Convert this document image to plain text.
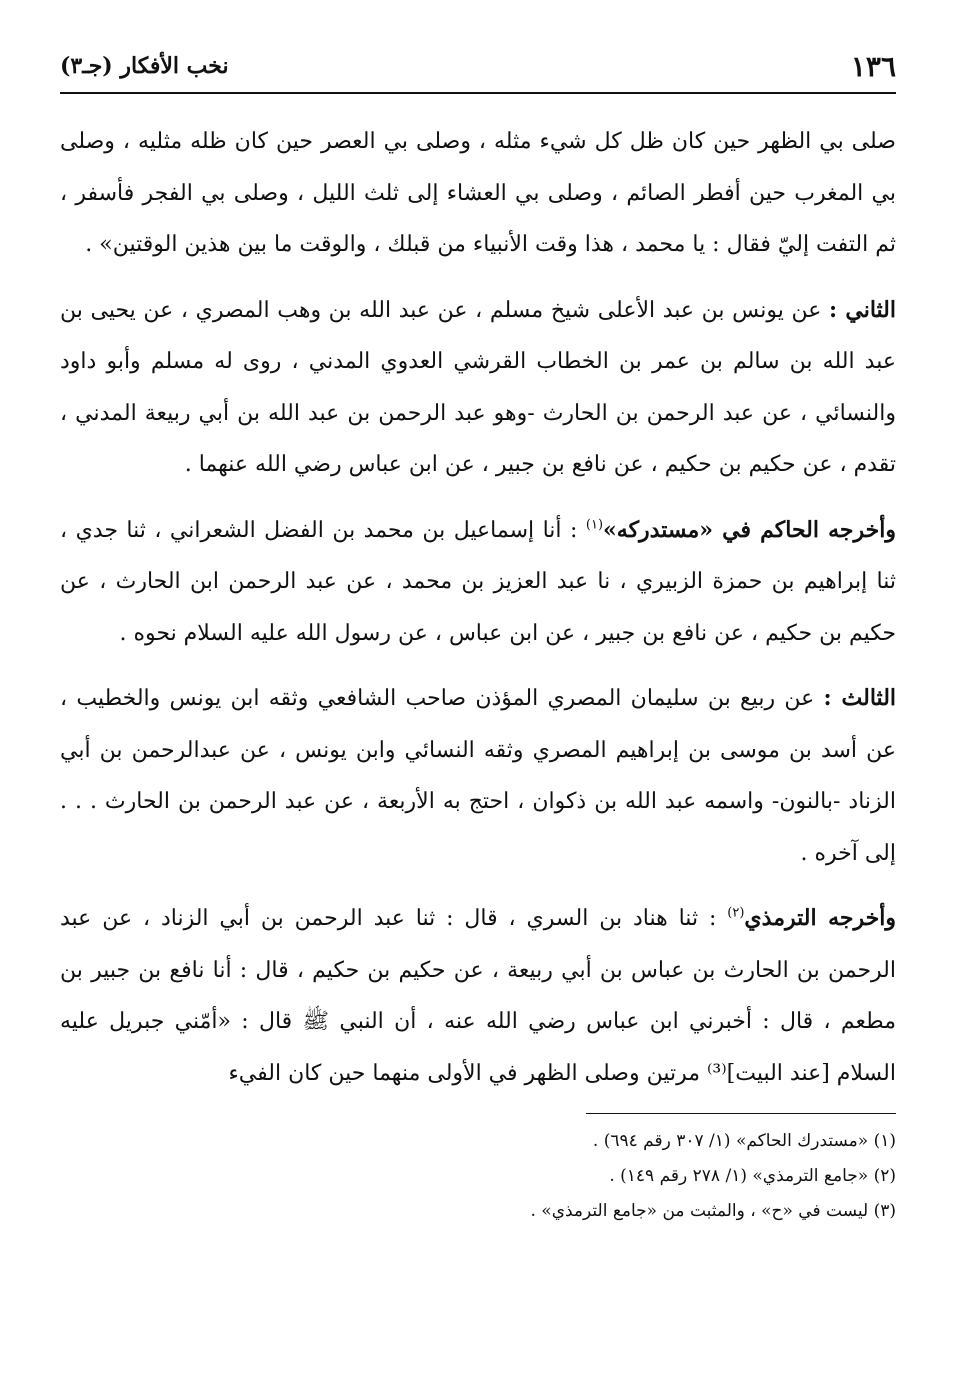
١٣٦
نخب الأفكار (جـ٣)

صلى بي الظهر حين كان ظل كل شيء مثله ، وصلى بي العصر حين كان ظله مثليه ، وصلى بي المغرب حين أفطر الصائم ، وصلى بي العشاء إلى ثلث الليل ، وصلى بي الفجر فأسفر ، ثم التفت إليّ فقال : يا محمد ، هذا وقت الأنبياء من قبلك ، والوقت ما بين هذين الوقتين» .

الثاني : عن يونس بن عبد الأعلى شيخ مسلم ، عن عبد الله بن وهب المصري ، عن يحيى بن عبد الله بن سالم بن عمر بن الخطاب القرشي العدوي المدني ، روى له مسلم وأبو داود والنسائي ، عن عبد الرحمن بن الحارث -وهو عبد الرحمن بن عبد الله بن أبي ربيعة المدني ، تقدم ، عن حكيم بن حكيم ، عن نافع بن جبير ، عن ابن عباس رضي الله عنهما .

وأخرجه الحاكم في «مستدركه»$^{(١)}$ : أنا إسماعيل بن محمد بن الفضل الشعراني ، ثنا جدي ، ثنا إبراهيم بن حمزة الزبيري ، نا عبد العزيز بن محمد ، عن عبد الرحمن ابن الحارث ، عن حكيم بن حكيم ، عن نافع بن جبير ، عن ابن عباس ، عن رسول الله عليه السلام نحوه .

الثالث : عن ربيع بن سليمان المصري المؤذن صاحب الشافعي وثقه ابن يونس والخطيب ، عن أسد بن موسى بن إبراهيم المصري وثقه النسائي وابن يونس ، عن عبدالرحمن بن أبي الزناد -بالنون- واسمه عبد الله بن ذكوان ، احتج به الأربعة ، عن عبد الرحمن بن الحارث . . . إلى آخره .

وأخرجه الترمذي$^{(٢)}$ : ثنا هناد بن السري ، قال : ثنا عبد الرحمن بن أبي الزناد ، عن عبد الرحمن بن الحارث بن عباس بن أبي ربيعة ، عن حكيم بن حكيم ، قال : أنا نافع بن جبير بن مطعم ، قال : أخبرني ابن عباس رضي الله عنه ، أن النبي ﷺ قال : «أمّني جبريل عليه السلام [عند البيت]⁽³⁾ مرتين وصلى الظهر في الأولى منهما حين كان الفيء

(١) «مستدرك الحاكم» (١/ ٣٠٧ رقم ٦٩٤) .

(٢) «جامع الترمذي» (١/ ٢٧٨ رقم ١٤٩) .

(٣) ليست في «ح» ، والمثبت من «جامع الترمذي» .
